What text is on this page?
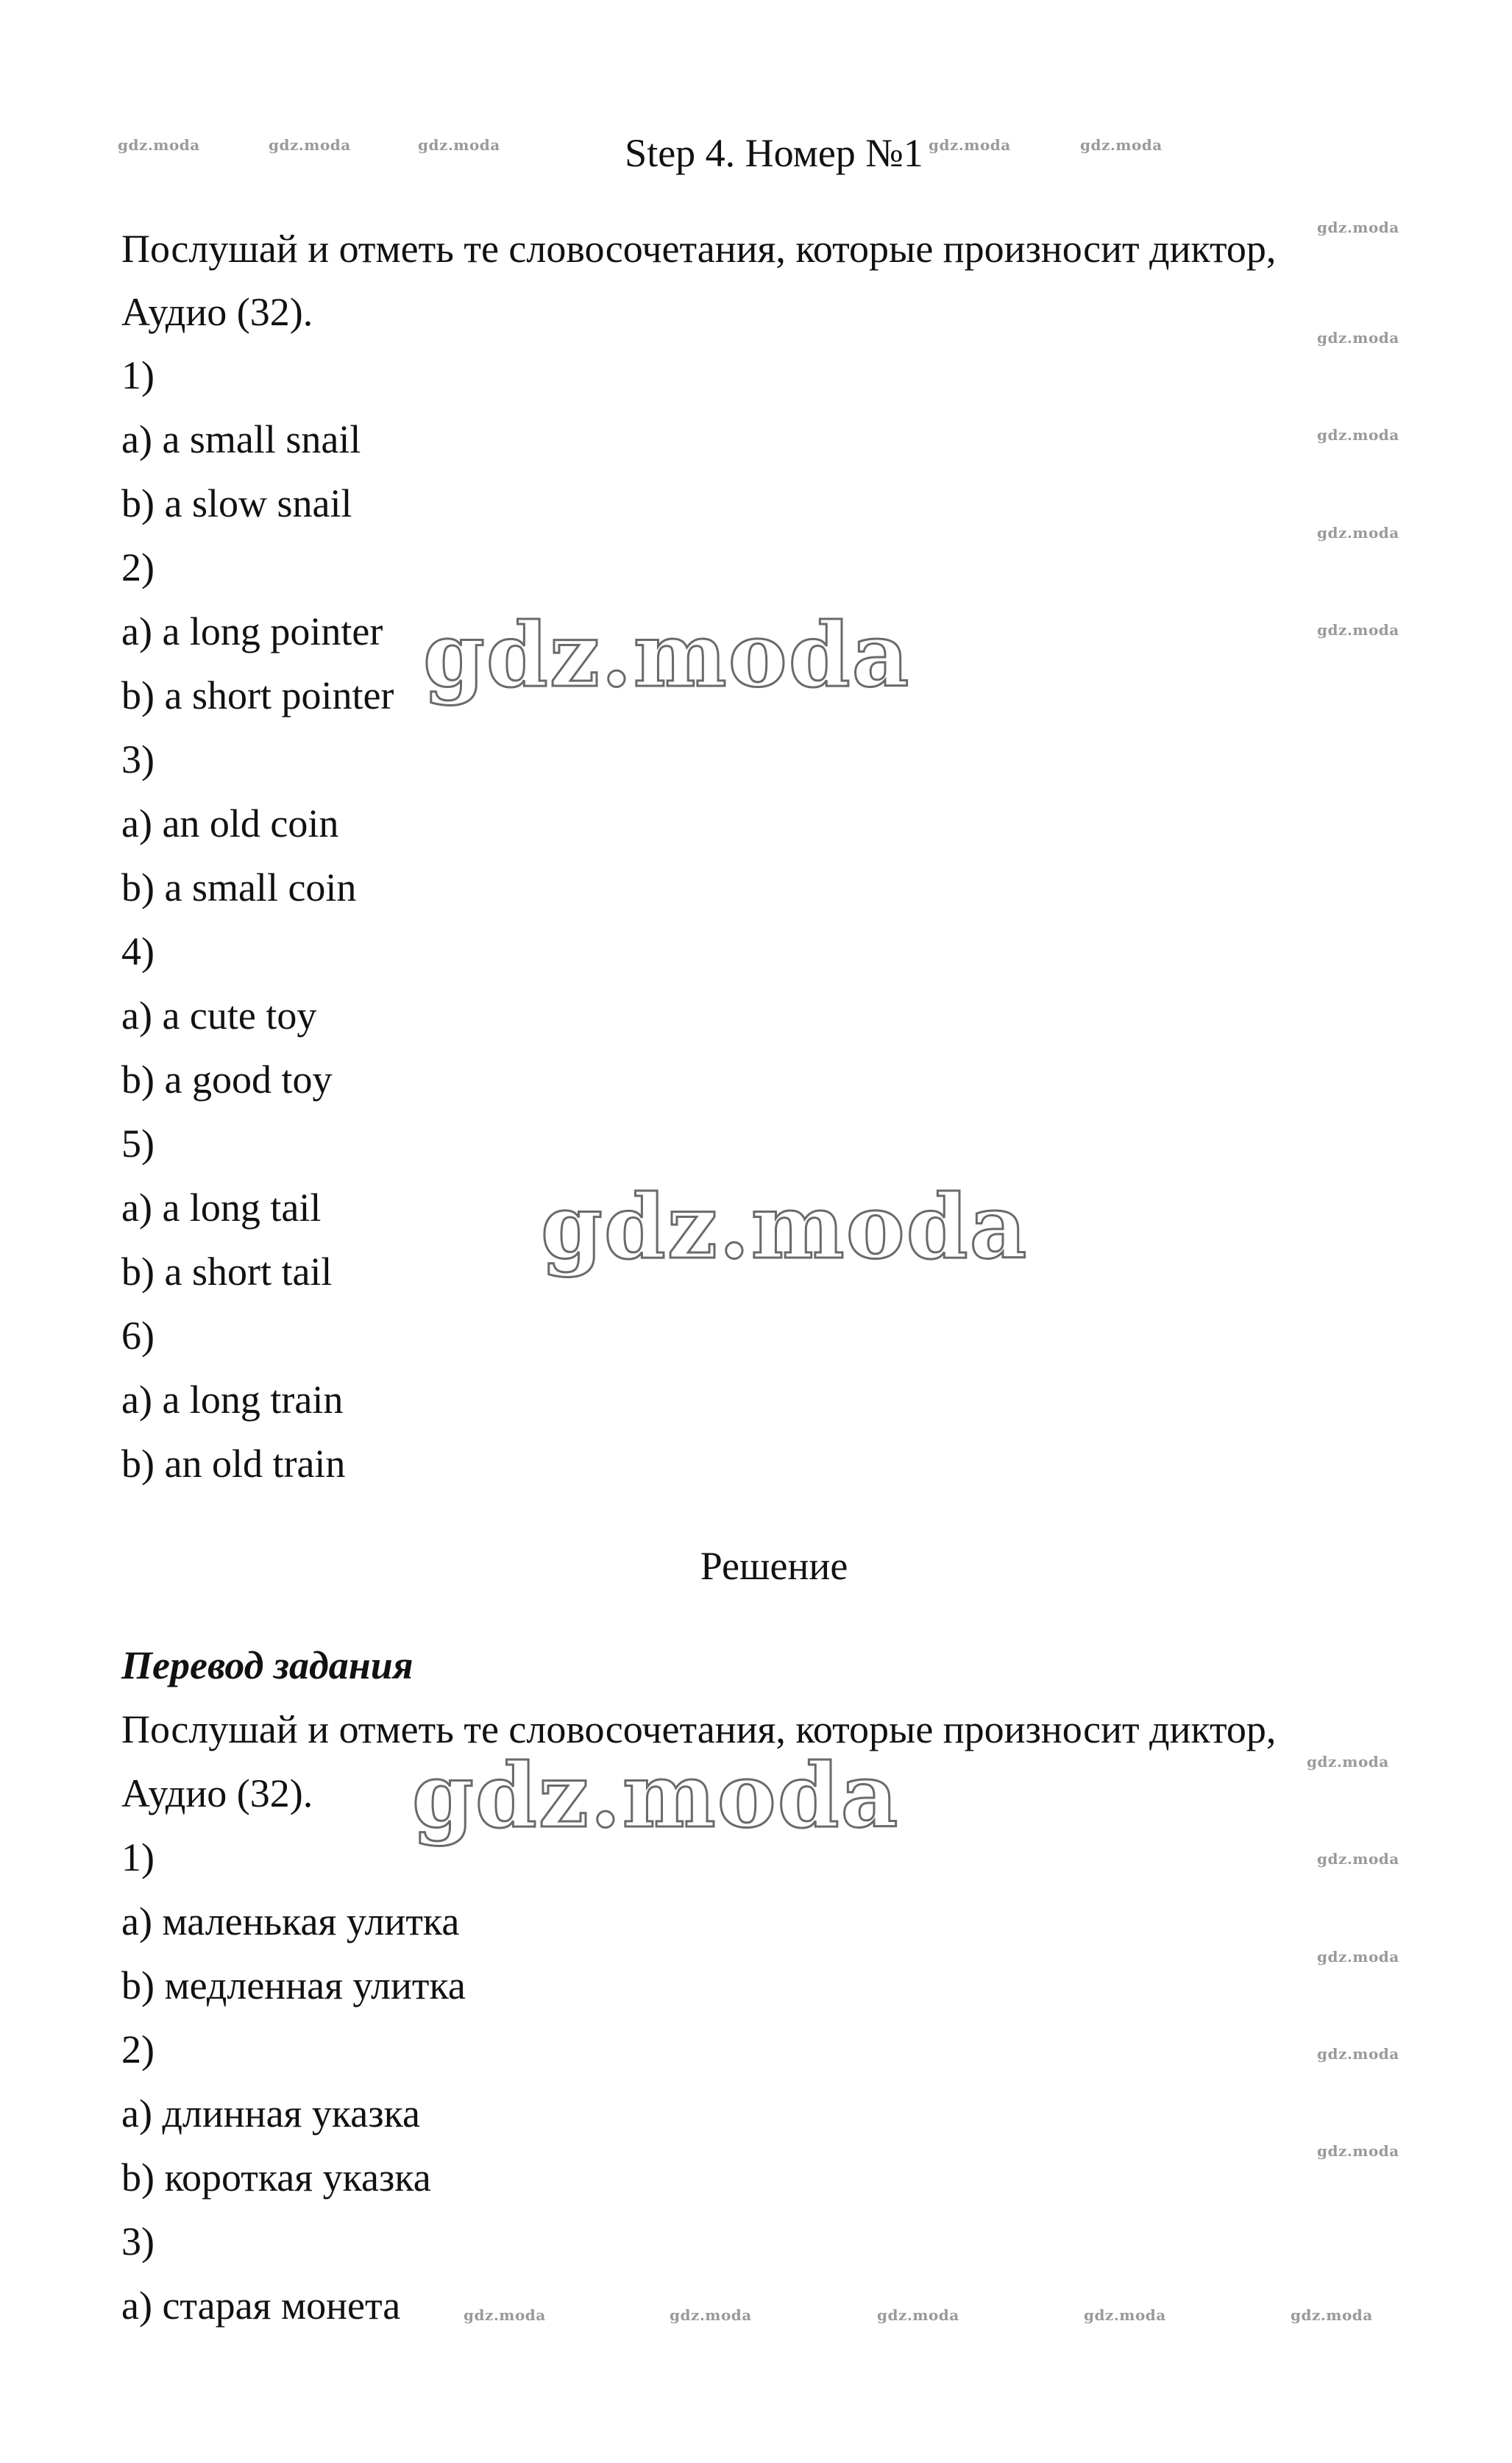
Step 4. Номер №1

Послушай и отметь те словосочетания, которые произносит диктор,

Аудио (32).

1)

a) a small snail

b) a slow snail

2)

a) a long pointer

b) a short pointer

3)

a) an old coin

b) a small coin

4)

a) a cute toy

b) a good toy

5)

a) a long tail

b) a short tail

6)

a) a long train

b) an old train

Решение

Перевод задания

Послушай и отметь те словосочетания, которые произносит диктор,

Аудио (32).

1)

a) маленькая улитка

b) медленная улитка

2)

a) длинная указка

b) короткая указка

3)

a) старая монета

gdz.moda
gdz.moda
gdz.moda
gdz.moda	gdz.moda	gdz.moda	gdz.moda	gdz.moda
gdz.moda
gdz.moda
gdz.moda
gdz.moda
gdz.moda
gdz.moda
gdz.moda
gdz.moda
gdz.moda
gdz.moda
gdz.moda	gdz.moda	gdz.moda	gdz.moda	gdz.moda
